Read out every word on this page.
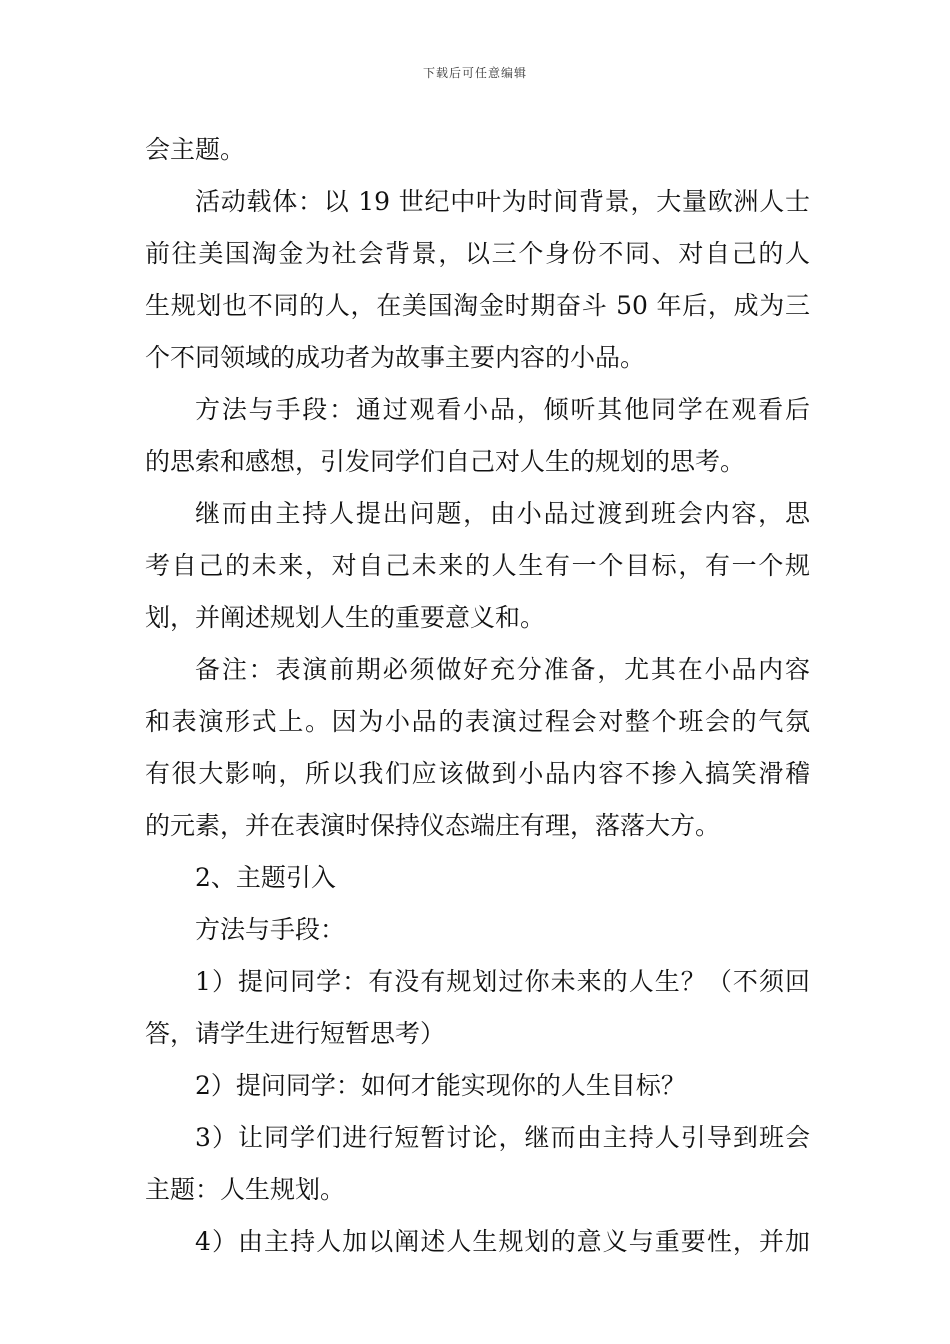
下载后可任意编辑
会主题。
活动载体：以 19 世纪中叶为时间背景，大量欧洲人士
前往美国淘金为社会背景，以三个身份不同、对自己的人
生规划也不同的人，在美国淘金时期奋斗 50 年后，成为三
个不同领域的成功者为故事主要内容的小品。
方法与手段：通过观看小品，倾听其他同学在观看后
的思索和感想，引发同学们自己对人生的规划的思考。
继而由主持人提出问题，由小品过渡到班会内容，思
考自己的未来，对自己未来的人生有一个目标，有一个规
划，并阐述规划人生的重要意义和。
备注：表演前期必须做好充分准备，尤其在小品内容
和表演形式上。因为小品的表演过程会对整个班会的气氛
有很大影响，所以我们应该做到小品内容不掺入搞笑滑稽
的元素，并在表演时保持仪态端庄有理，落落大方。
2、主题引入
方法与手段：
1）提问同学：有没有规划过你未来的人生？（不须回
答，请学生进行短暂思考）
2）提问同学：如何才能实现你的人生目标？
3）让同学们进行短暂讨论，继而由主持人引导到班会
主题：人生规划。
4）由主持人加以阐述人生规划的意义与重要性，并加
